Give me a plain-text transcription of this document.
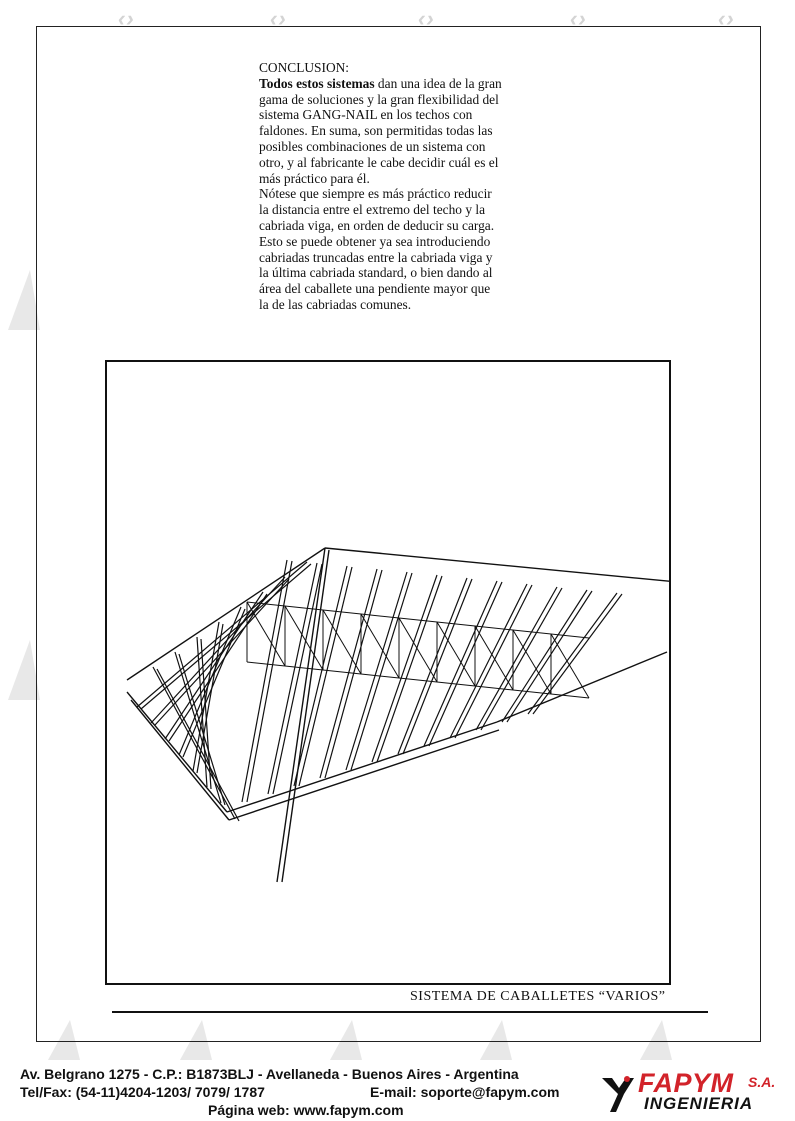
‹›	‹›	‹›	‹›	‹›

CONCLUSION:

Todos estos sistemas dan una idea de la gran

gama de soluciones y la gran flexibilidad del

sistema GANG-NAIL en los techos con

faldones. En suma, son permitidas todas las

posibles combinaciones de un sistema con

otro, y al fabricante le cabe decidir cuál es el

más práctico para él.

Nótese que siempre es más práctico reducir

la distancia entre el extremo del techo y la

cabriada viga, en orden de deducir su carga.

Esto se puede obtener ya sea introduciendo

cabriadas truncadas entre la cabriada viga y

la última cabriada standard, o bien dando al

área del caballete una pendiente mayor que

la de las cabriadas comunes.

SISTEMA DE CABALLETES “VARIOS”
Av. Belgrano 1275 - C.P.: B1873BLJ - Avellaneda - Buenos Aires - Argentina
Tel/Fax: (54-11)4204-1203/ 7079/ 1787	E-mail: soporte@fapym.com
Página web: www.fapym.com
FAPYM S.A.
INGENIERIA
